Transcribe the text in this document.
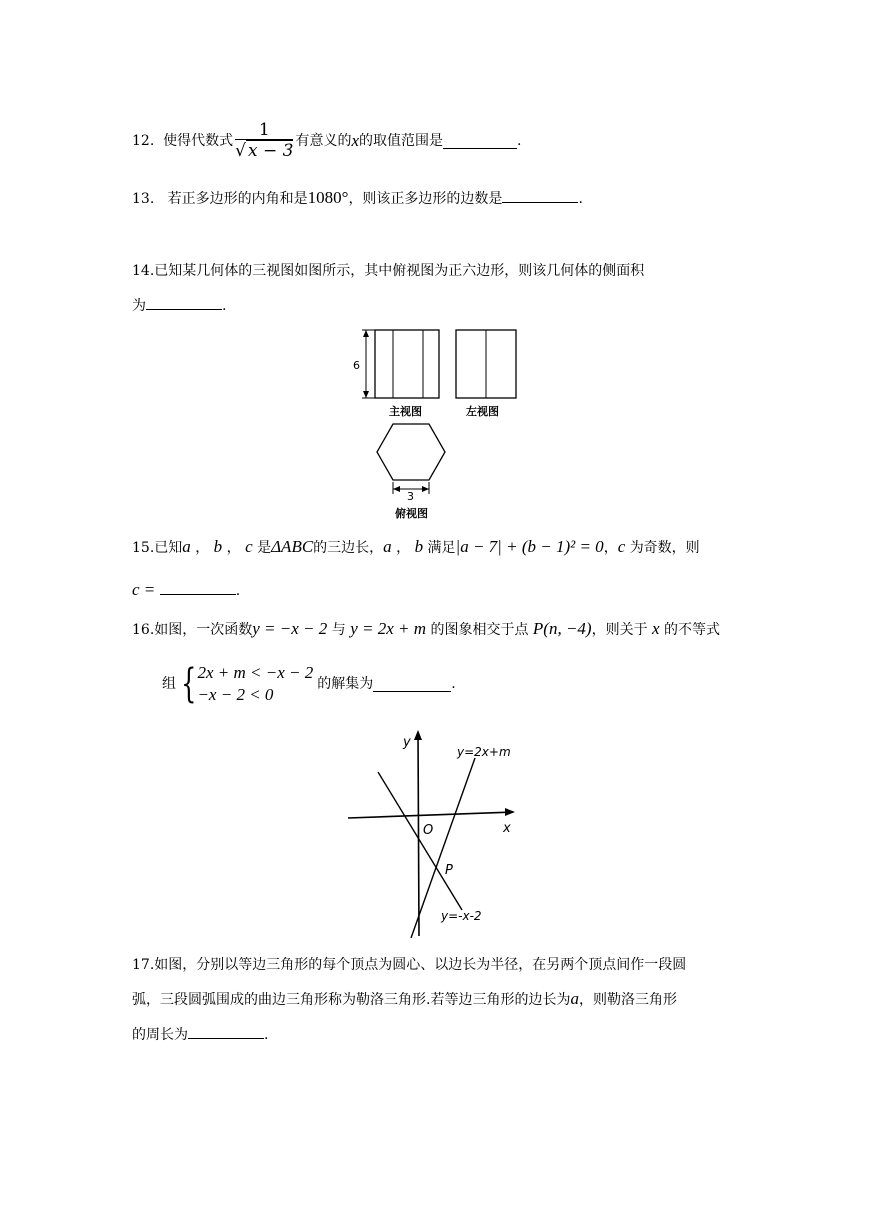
12.
使得代数式 $\frac{1}{√ x - 3}$ 有意义的 x 的取值范围是	.
13. 若正多边形的内角和是1080°，则该正多边形的边数是	.
14.已知某几何体的三视图如图所示，其中俯视图为正六边形，则该几何体的侧面积
为	.
6
主视图	左视图
3
俯视图
15.已知a ， b ， c 是ΔABC的三边长，a ， b 满足|a − 7| + (b − 1)² = 0，c 为奇数，则
c =	.
16.如图，一次函数y = −x − 2 与 y = 2x + m 的图象相交于点 P(n, −4)，则关于 x 的不等式
组 { 2x + m < −x − 2
−x − 2 < 0
的解集为	.
y
x
O
P
y=2x+m
y=-x-2
17.如图，分别以等边三角形的每个顶点为圆心、以边长为半径，在另两个顶点间作一段圆
弧，三段圆弧围成的曲边三角形称为勒洛三角形.若等边三角形的边长为a，则勒洛三角形
的周长为	.
